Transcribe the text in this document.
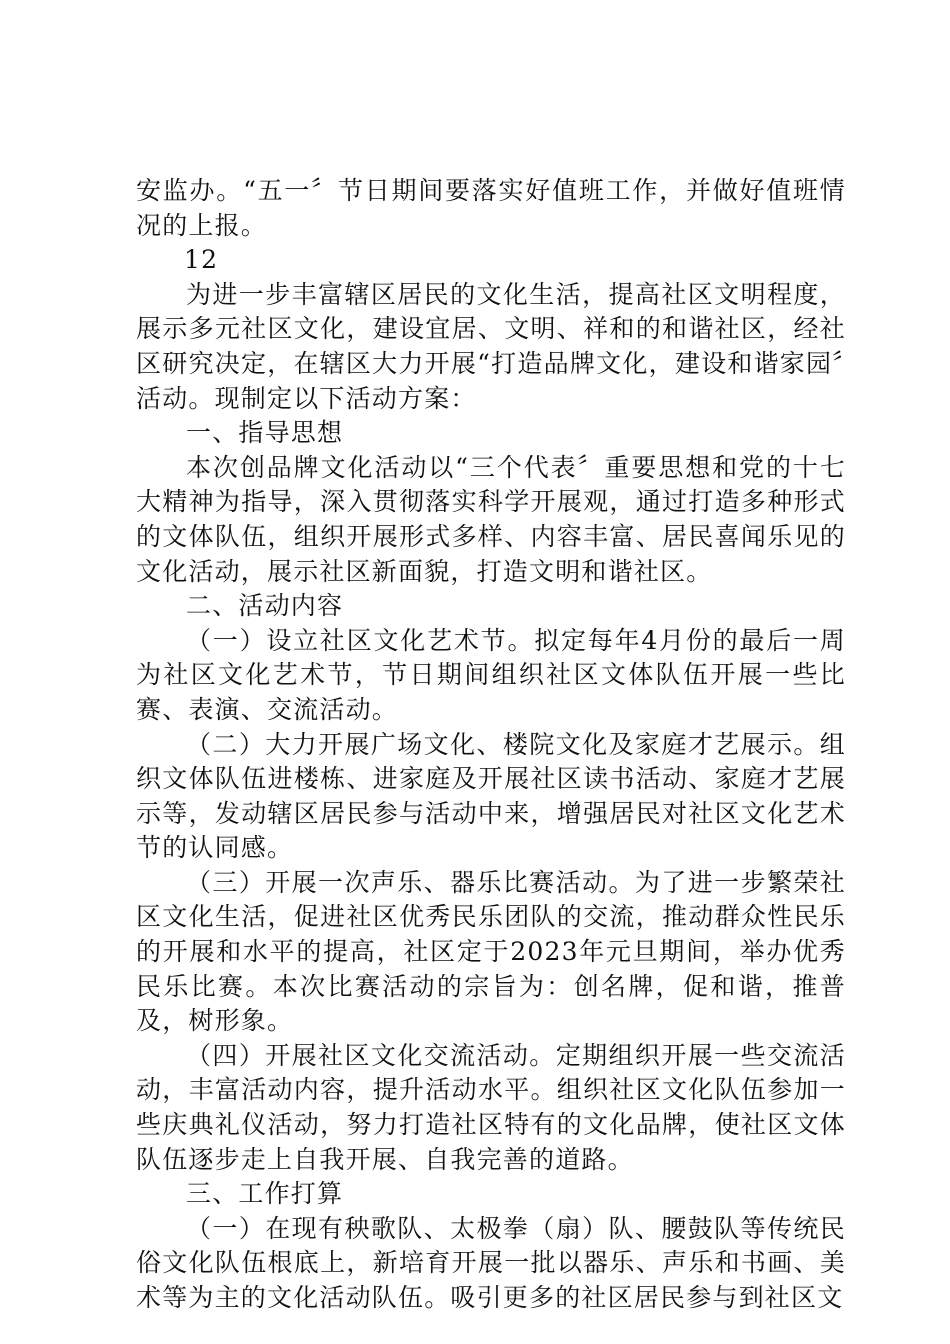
安监办。“五一〞节日期间要落实好值班工作，并做好值班情况的上报。

12

为进一步丰富辖区居民的文化生活，提高社区文明程度，展示多元社区文化，建设宜居、文明、祥和的和谐社区，经社区研究决定，在辖区大力开展“打造品牌文化，建设和谐家园〞活动。现制定以下活动方案：

一、指导思想

本次创品牌文化活动以“三个代表〞重要思想和党的十七大精神为指导，深入贯彻落实科学开展观，通过打造多种形式的文体队伍，组织开展形式多样、内容丰富、居民喜闻乐见的文化活动，展示社区新面貌，打造文明和谐社区。

二、活动内容

（一）设立社区文化艺术节。拟定每年4月份的最后一周为社区文化艺术节，节日期间组织社区文体队伍开展一些比赛、表演、交流活动。

（二）大力开展广场文化、楼院文化及家庭才艺展示。组织文体队伍进楼栋、进家庭及开展社区读书活动、家庭才艺展示等，发动辖区居民参与活动中来，增强居民对社区文化艺术节的认同感。

（三）开展一次声乐、器乐比赛活动。为了进一步繁荣社区文化生活，促进社区优秀民乐团队的交流，推动群众性民乐的开展和水平的提高，社区定于2023年元旦期间，举办优秀民乐比赛。本次比赛活动的宗旨为：创名牌，促和谐，推普及，树形象。

（四）开展社区文化交流活动。定期组织开展一些交流活动，丰富活动内容，提升活动水平。组织社区文化队伍参加一些庆典礼仪活动，努力打造社区特有的文化品牌，使社区文体队伍逐步走上自我开展、自我完善的道路。

三、工作打算

（一）在现有秧歌队、太极拳（扇）队、腰鼓队等传统民俗文化队伍根底上，新培育开展一批以器乐、声乐和书画、美术等为主的文化活动队伍。吸引更多的社区居民参与到社区文
